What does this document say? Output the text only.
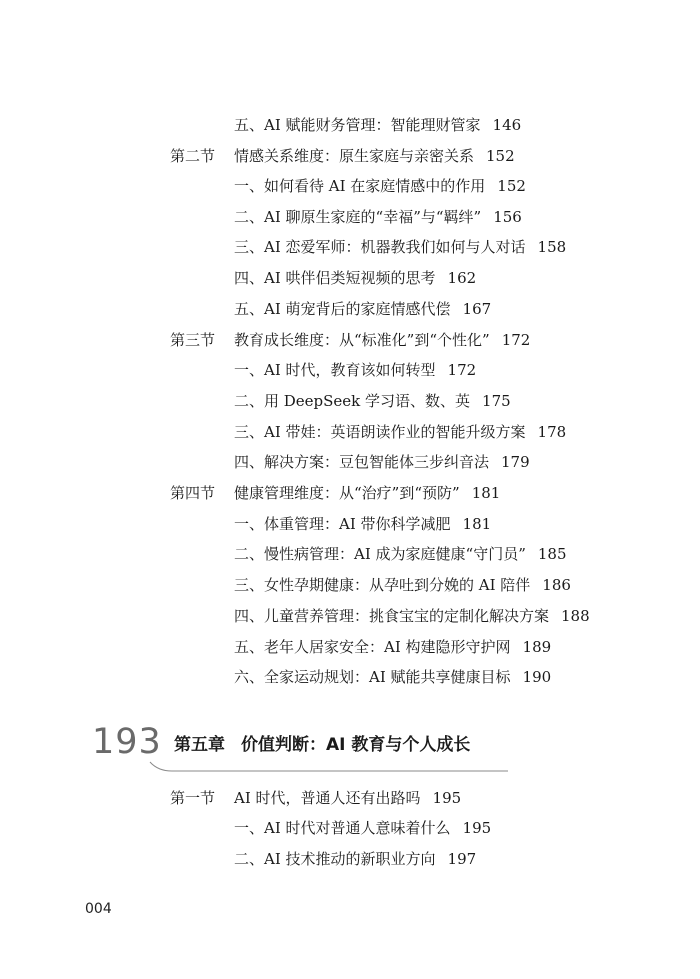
五、AI 赋能财务管理：智能理财管家 146
第二节 情感关系维度：原生家庭与亲密关系 152
一、如何看待 AI 在家庭情感中的作用 152
二、AI 聊原生家庭的“幸福”与“羁绊” 156
三、AI 恋爱军师：机器教我们如何与人对话 158
四、AI 哄伴侣类短视频的思考 162
五、AI 萌宠背后的家庭情感代偿 167
第三节 教育成长维度：从“标准化”到“个性化” 172
一、AI 时代，教育该如何转型 172
二、用 DeepSeek 学习语、数、英 175
三、AI 带娃：英语朗读作业的智能升级方案 178
四、解决方案：豆包智能体三步纠音法 179
第四节 健康管理维度：从“治疗”到“预防” 181
一、体重管理：AI 带你科学减肥 181
二、慢性病管理：AI 成为家庭健康“守门员” 185
三、女性孕期健康：从孕吐到分娩的 AI 陪伴 186
四、儿童营养管理：挑食宝宝的定制化解决方案 188
五、老年人居家安全：AI 构建隐形守护网 189
六、全家运动规划：AI 赋能共享健康目标 190
193 第五章 价值判断：AI 教育与个人成长
第一节 AI 时代，普通人还有出路吗 195
一、AI 时代对普通人意味着什么 195
二、AI 技术推动的新职业方向 197
004
